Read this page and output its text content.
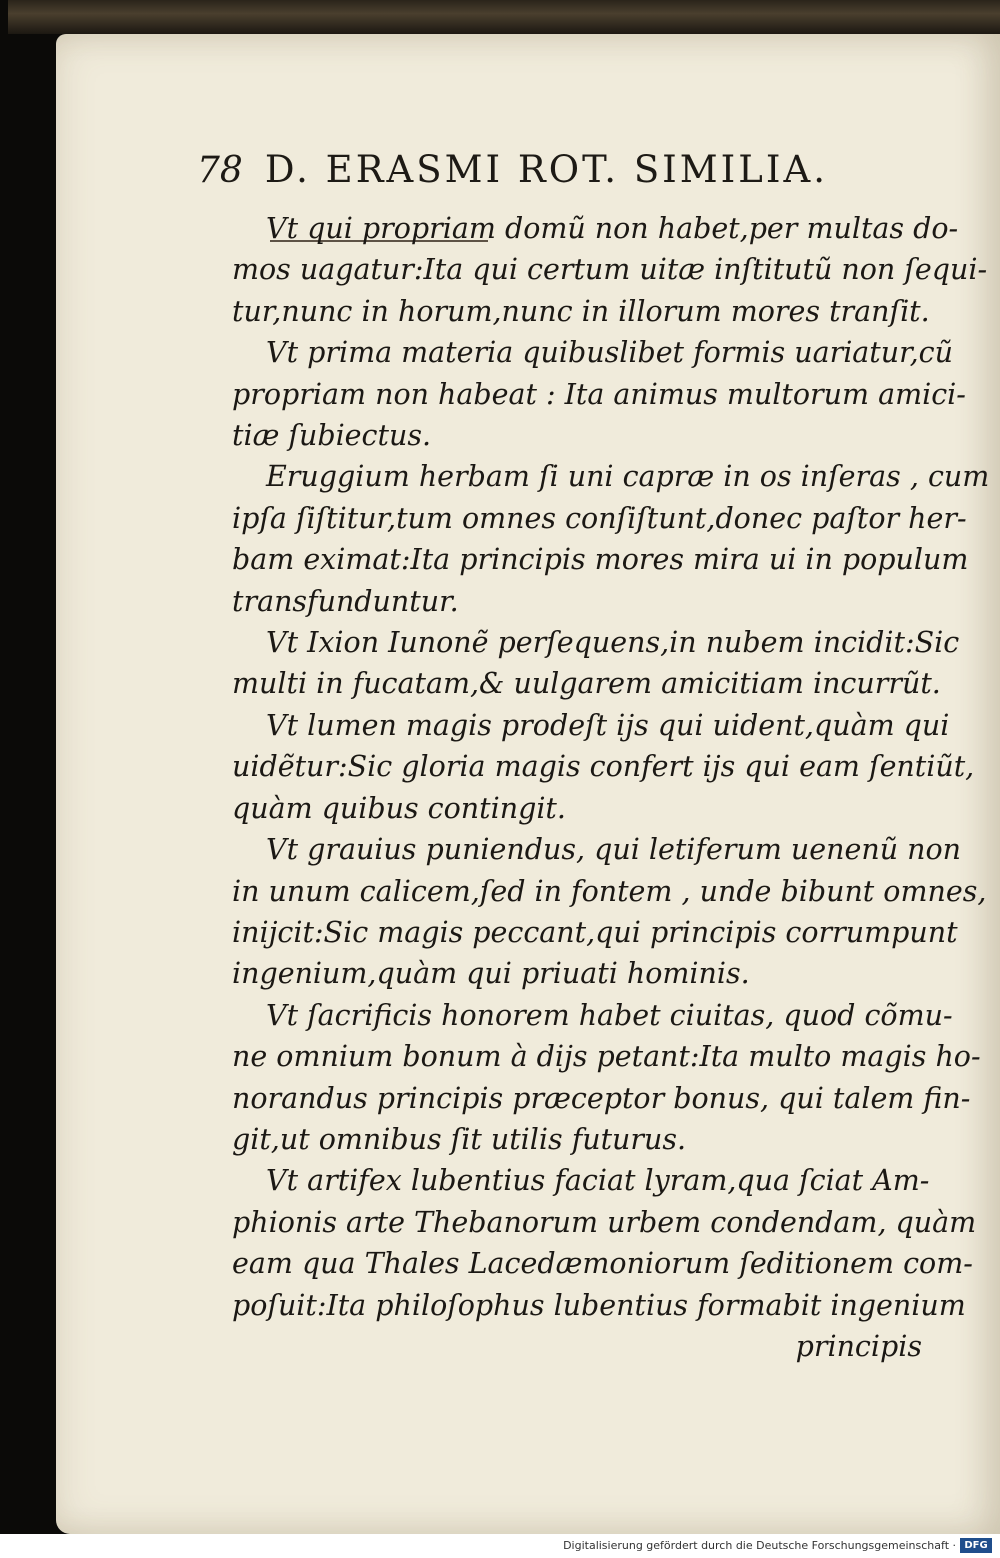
78 D. ERASMI ROT. SIMILIA.
Vt qui propriam domũ non habet,per multas do-
mos uagatur:Ita qui certum uitæ inſtitutũ non ſequi-
tur,nunc in horum,nunc in illorum mores tranſit.
Vt prima materia quibuslibet formis uariatur,cũ
propriam non habeat : Ita animus multorum amici-
tiæ ſubiectus.
Eruggium herbam ſi uni capræ in os inſeras , cum
ipſa ſiſtitur,tum omnes conſiſtunt,donec paſtor her-
bam eximat:Ita principis mores mira ui in populum
transfunduntur.
Vt Ixion Iunonẽ perſequens,in nubem incidit:Sic
multi in fucatam,& uulgarem amicitiam incurrũt.
Vt lumen magis prodeſt ijs qui uident,quàm qui
uidẽtur:Sic gloria magis confert ijs qui eam ſentiũt,
quàm quibus contingit.
Vt grauius puniendus, qui letiferum uenenũ non
in unum calicem,ſed in fontem , unde bibunt omnes,
inijcit:Sic magis peccant,qui principis corrumpunt
ingenium,quàm qui priuati hominis.
Vt ſacrificis honorem habet ciuitas, quod cõmu-
ne omnium bonum à dijs petant:Ita multo magis ho-
norandus principis præceptor bonus, qui talem fin-
git,ut omnibus ſit utilis futurus.
Vt artifex lubentius faciat lyram,qua ſciat Am-
phionis arte Thebanorum urbem condendam, quàm
eam qua Thales Lacedæmoniorum ſeditionem com-
poſuit:Ita philoſophus lubentius formabit ingenium
principis
Digitalisierung gefördert durch die Deutsche Forschungsgemeinschaft · DFG
